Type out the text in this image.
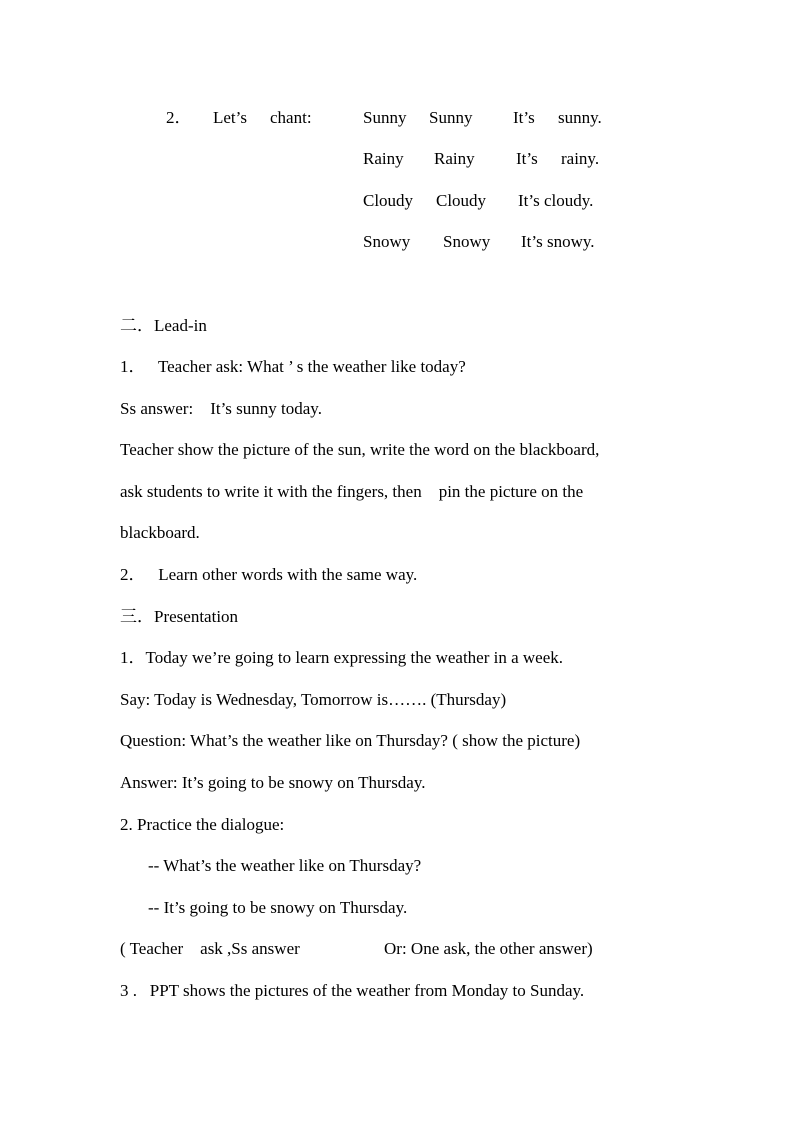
2． Let’s chant:	Sunny Sunny It’s sunny.
Rainy Rainy It’s rainy.
Cloudy Cloudy It’s cloudy.
Snowy Snowy It’s snowy.
二．Lead-in
1．   Teacher ask: What ’ s the weather like today?
Ss answer:    It’s sunny today.
Teacher show the picture of the sun, write the word on the blackboard,
ask students to write it with the fingers, then    pin the picture on the
blackboard.
2．   Learn other words with the same way.
三．Presentation
1．Today we’re going to learn expressing the weather in a week.
Say: Today is Wednesday, Tomorrow is……. (Thursday)
Question: What’s the weather like on Thursday? ( show the picture)
Answer: It’s going to be snowy on Thursday.
2. Practice the dialogue:
-- What’s the weather like on Thursday?
-- It’s going to be snowy on Thursday.
( Teacher    ask ,Ss answer	Or: One ask, the other answer)
3 .   PPT shows the pictures of the weather from Monday to Sunday.
